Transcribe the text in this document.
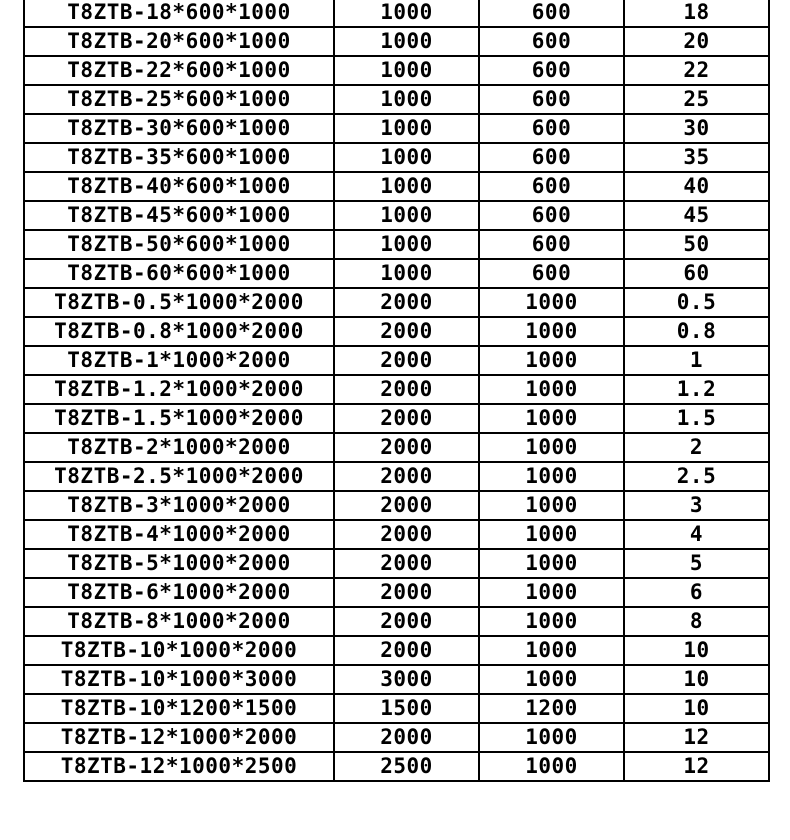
T8ZTB-18*600*1000	1000	600	18
T8ZTB-20*600*1000	1000	600	20
T8ZTB-22*600*1000	1000	600	22
T8ZTB-25*600*1000	1000	600	25
T8ZTB-30*600*1000	1000	600	30
T8ZTB-35*600*1000	1000	600	35
T8ZTB-40*600*1000	1000	600	40
T8ZTB-45*600*1000	1000	600	45
T8ZTB-50*600*1000	1000	600	50
T8ZTB-60*600*1000	1000	600	60
T8ZTB-0.5*1000*2000	2000	1000	0.5
T8ZTB-0.8*1000*2000	2000	1000	0.8
T8ZTB-1*1000*2000	2000	1000	1
T8ZTB-1.2*1000*2000	2000	1000	1.2
T8ZTB-1.5*1000*2000	2000	1000	1.5
T8ZTB-2*1000*2000	2000	1000	2
T8ZTB-2.5*1000*2000	2000	1000	2.5
T8ZTB-3*1000*2000	2000	1000	3
T8ZTB-4*1000*2000	2000	1000	4
T8ZTB-5*1000*2000	2000	1000	5
T8ZTB-6*1000*2000	2000	1000	6
T8ZTB-8*1000*2000	2000	1000	8
T8ZTB-10*1000*2000	2000	1000	10
T8ZTB-10*1000*3000	3000	1000	10
T8ZTB-10*1200*1500	1500	1200	10
T8ZTB-12*1000*2000	2000	1000	12
T8ZTB-12*1000*2500	2500	1000	12
